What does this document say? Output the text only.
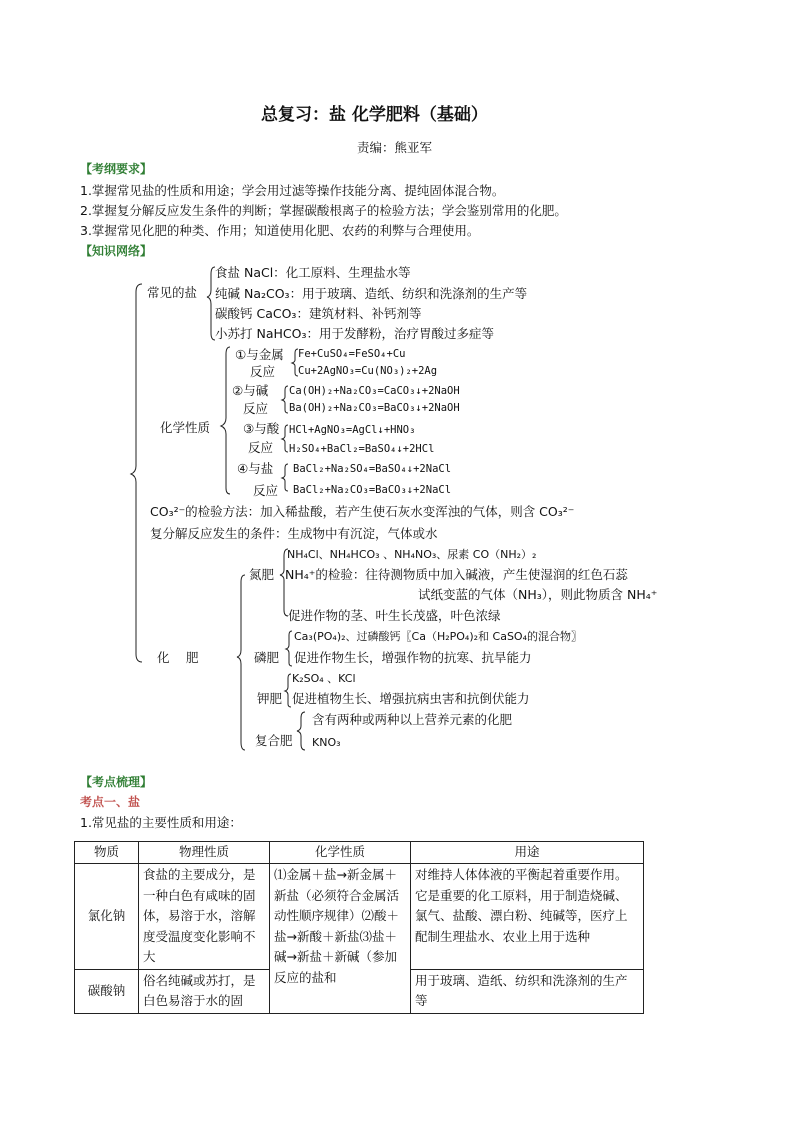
总复习：盐 化学肥料（基础）
责编：熊亚军
【考纲要求】
1.掌握常见盐的性质和用途；学会用过滤等操作技能分离、提纯固体混合物。
2.掌握复分解反应发生条件的判断；掌握碳酸根离子的检验方法；学会鉴别常用的化肥。
3.掌握常见化肥的种类、作用；知道使用化肥、农药的利弊与合理使用。
【知识网络】
常见的盐
食盐 NaCl：化工原料、生理盐水等
纯碱 Na₂CO₃：用于玻璃、造纸、纺织和洗涤剂的生产等
碳酸钙 CaCO₃：建筑材料、补钙剂等
小苏打 NaHCO₃：用于发酵粉，治疗胃酸过多症等
化学性质
①与金属
反应
Fe+CuSO₄=FeSO₄+Cu
Cu+2AgNO₃=Cu(NO₃)₂+2Ag
②与碱
反应
Ca(OH)₂+Na₂CO₃=CaCO₃↓+2NaOH
Ba(OH)₂+Na₂CO₃=BaCO₃↓+2NaOH
③与酸
反应
HCl+AgNO₃=AgCl↓+HNO₃
H₂SO₄+BaCl₂=BaSO₄↓+2HCl
④与盐
反应
BaCl₂+Na₂SO₄=BaSO₄↓+2NaCl
BaCl₂+Na₂CO₃=BaCO₃↓+2NaCl
CO₃²⁻的检验方法：加入稀盐酸，若产生使石灰水变浑浊的气体，则含 CO₃²⁻
复分解反应发生的条件：生成物中有沉淀，气体或水
化　 肥
氮肥
NH₄Cl、NH₄HCO₃ 、NH₄NO₃、尿素 CO（NH₂）₂
NH₄⁺的检验：往待测物质中加入碱液，产生使湿润的红色石蕊
试纸变蓝的气体（NH₃），则此物质含 NH₄⁺
促进作物的茎、叶生长茂盛，叶色浓绿
磷肥
Ca₃(PO₄)₂、过磷酸钙〖Ca（H₂PO₄)₂和 CaSO₄的混合物〗
促进作物生长，增强作物的抗寒、抗旱能力
钾肥
K₂SO₄ 、KCl
促进植物生长、增强抗病虫害和抗倒伏能力
复合肥
含有两种或两种以上营养元素的化肥
KNO₃
【考点梳理】
考点一、盐
1.常见盐的主要性质和用途：
物质	物理性质	化学性质	用途
氯化钠	食盐的主要成分，是一种白色有咸味的固体，易溶于水，溶解度受温度变化影响不大	⑴金属＋盐→新金属＋新盐（必须符合金属活动性顺序规律）⑵酸＋盐→新酸＋新盐⑶盐＋碱→新盐＋新碱（参加反应的盐和	对维持人体体液的平衡起着重要作用。它是重要的化工原料，用于制造烧碱、氯气、盐酸、漂白粉、纯碱等，医疗上配制生理盐水、农业上用于选种
碳酸钠	俗名纯碱或苏打，是白色易溶于水的固		用于玻璃、造纸、纺织和洗涤剂的生产等
